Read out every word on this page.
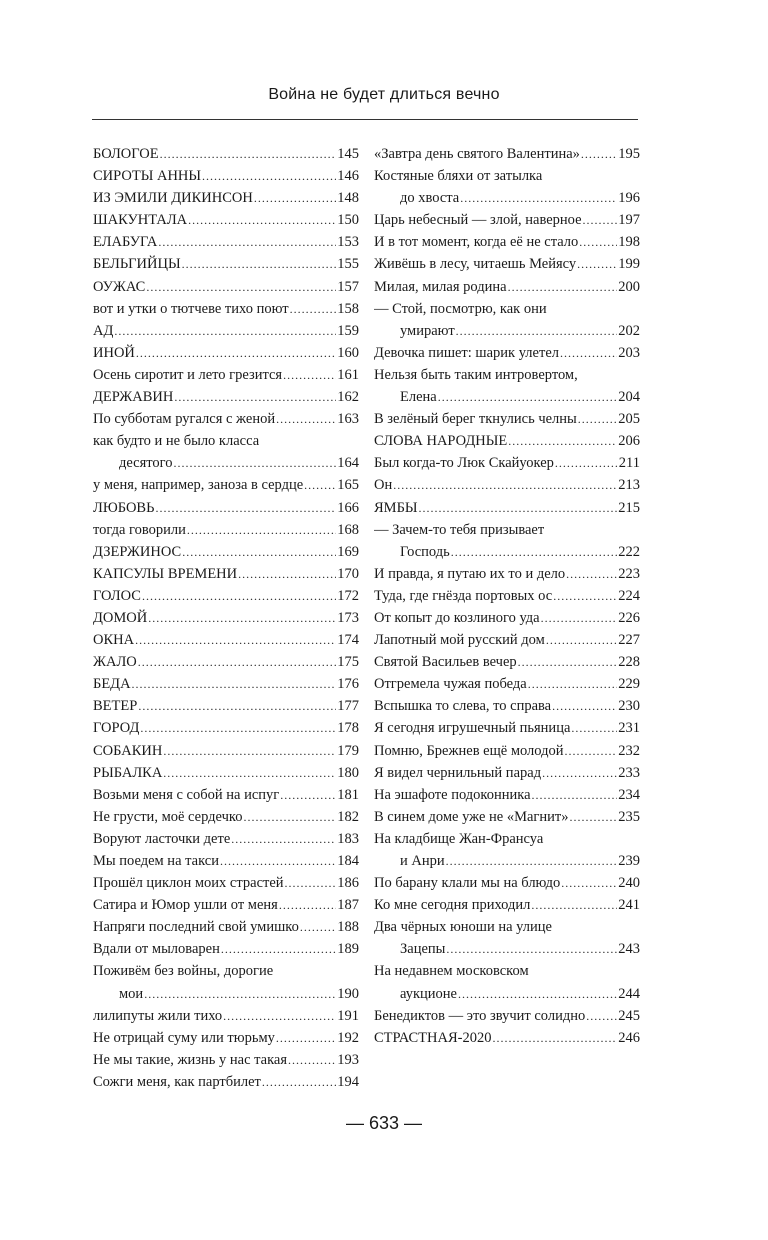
Война не будет длиться вечно
БОЛОГОЕ .....	145
СИРОТЫ АННЫ .....	146
ИЗ ЭМИЛИ ДИКИНСОН .....	148
ШАКУНТАЛА .....	150
ЕЛАБУГА .....	153
БЕЛЬГИЙЦЫ .....	155
ОУЖАС .....	157
вот и утки о тютчеве тихо поют .....	158
АД .....	159
ИНОЙ .....	160
Осень сиротит и лето грезится .....	161
ДЕРЖАВИН .....	162
По субботам ругался с женой .....	163
как будто и не было класса
десятого .....	164
у меня, например, заноза в сердце ..... 165
ЛЮБОВЬ .....	166
тогда говорили .....	168
ДЗЕРЖИНОС .....	169
КАПСУЛЫ ВРЕМЕНИ .....	170
ГОЛОС .....	172
ДОМОЙ .....	173
ОКНА .....	174
ЖАЛО .....	175
БЕДА .....	176
ВЕТЕР .....	177
ГОРОД .....	178
СОБАКИН .....	179
РЫБАЛКА .....	180
Возьми меня с собой на испуг .....	181
Не грусти, моё сердечко .....	182
Воруют ласточки дете .....	183
Мы поедем на такси .....	184
Прошёл циклон моих страстей .....	186
Сатира и Юмор ушли от меня .....	187
Напряги последний свой умишко .....	188
Вдали от мыловарен .....	189
Поживём без войны, дорогие
мои .....	190
лилипуты жили тихо .....	191
Не отрицай суму или тюрьму .....	192
Не мы такие, жизнь у нас такая .....	193
Сожги меня, как партбилет .....	194
«Завтра день святого Валентина» .....	195
Костяные бляхи от затылка
до хвоста .....	196
Царь небесный — злой, наверное .....	197
И в тот момент, когда её не стало .....	198
Живёшь в лесу, читаешь Мейясу .....	199
Милая, милая родина .....	200
— Стой, посмотрю, как они
умирают .....	202
Девочка пишет: шарик улетел .....	203
Нельзя быть таким интровертом,
Елена .....	204
В зелёный берег ткнулись челны .....	205
СЛОВА НАРОДНЫЕ .....	206
Был когда-то Люк Скайуокер .....	211
Он .....	213
ЯМБЫ .....	215
— Зачем-то тебя призывает
Господь .....	222
И правда, я путаю их то и дело .....	223
Туда, где гнёзда портовых ос .....	224
От копыт до козлиного уда .....	226
Лапотный мой русский дом .....	227
Святой Васильев вечер .....	228
Отгремела чужая победа .....	229
Вспышка то слева, то справа .....	230
Я сегодня игрушечный пьяница .....	231
Помню, Брежнев ещё молодой .....	232
Я видел чернильный парад .....	233
На эшафоте подоконника .....	234
В синем доме уже не «Магнит» .....	235
На кладбище Жан-Франсуа
и Анри .....	239
По барану клали мы на блюдо .....	240
Ко мне сегодня приходил .....	241
Два чёрных юноши на улице
Зацепы .....	243
На недавнем московском
аукционе .....	244
Бенедиктов — это звучит солидно ..... 245
СТРАСТНАЯ-2020 .....	246
— 633 —
